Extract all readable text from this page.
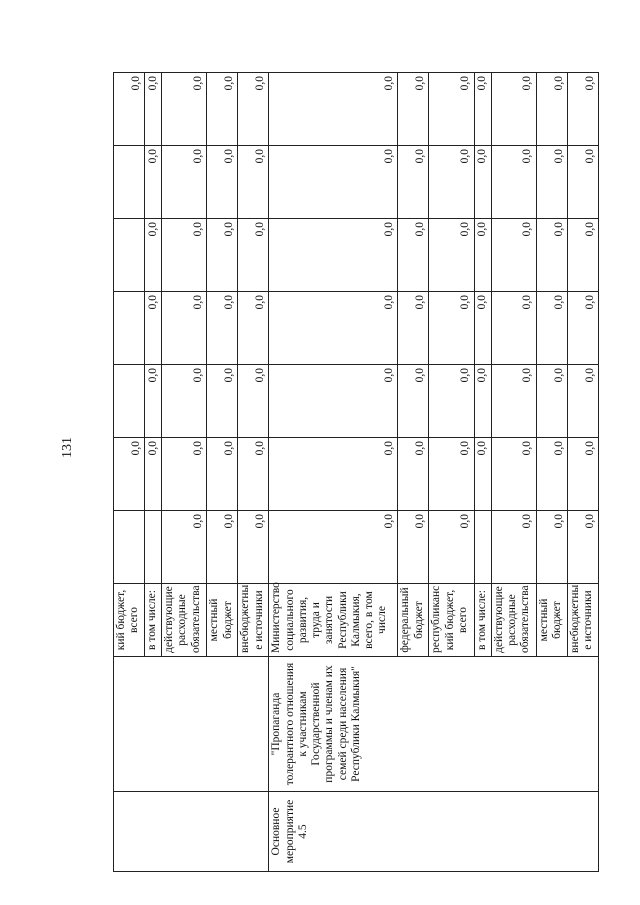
131
		кий бюджет, всего		0,0					0,0
		в том числе:		0,0	0,0	0,0	0,0	0,0	0,0
		действующие расходные обязательства	0,0	0,0	0,0	0,0	0,0	0,0	0,0
		местный бюджет	0,0	0,0	0,0	0,0	0,0	0,0	0,0
		внебюджетны е источники	0,0	0,0	0,0	0,0	0,0	0,0	0,0
Основное мероприятие 4.5	"Пропаганда толерантного отношения к участникам Государственной программы и членам их семей среди населения Республики Калмыкия"	Министерство социального развития, труда и занятости Республики Калмыкия, всего, в том числе	0,0	0,0	0,0	0,0	0,0	0,0	0,0
		федеральный бюджет	0,0	0,0	0,0	0,0	0,0	0,0	0,0
		республиканс кий бюджет, всего	0,0	0,0	0,0	0,0	0,0	0,0	0,0
		в том числе:		0,0	0,0	0,0	0,0	0,0	0,0
		действующие расходные обязательства	0,0	0,0	0,0	0,0	0,0	0,0	0,0
		местный бюджет	0,0	0,0	0,0	0,0	0,0	0,0	0,0
		внебюджетны е источники	0,0	0,0	0,0	0,0	0,0	0,0	0,0
